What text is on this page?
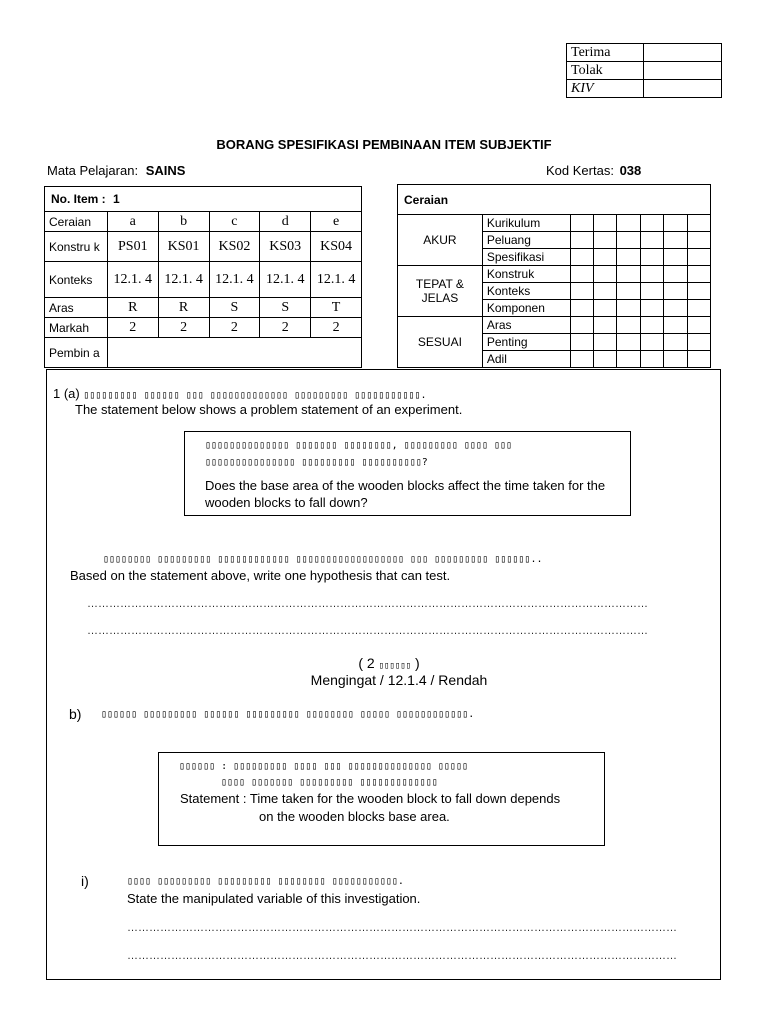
Terima	
Tolak	
KIV	
BORANG SPESIFIKASI PEMBINAAN ITEM SUBJEKTIF
Mata Pelajaran: SAINS	Kod Kertas: 038
No. Item : 1					
Ceraian	a	b	c	d	e
Konstru k	PS01	KS01	KS02	KS03	KS04
Konteks	12.1. 4	12.1. 4	12.1. 4	12.1. 4	12.1. 4
Aras	R	R	S	S	T
Markah	2	2	2	2	2
Pembin a					
Ceraian							
AKUR	Kurikulum						
	Peluang						
	Spesifikasi						
TEPAT & JELAS	Konstruk						
	Konteks						
	Komponen						
SESUAI	Aras						
	Penting						
	Adil						
1 (a) ▯▯▯▯▯▯▯▯▯ ▯▯▯▯▯▯ ▯▯▯ ▯▯▯▯▯▯▯▯▯▯▯▯▯ ▯▯▯▯▯▯▯▯▯ ▯▯▯▯▯▯▯▯▯▯▯.
The statement below shows a problem statement of an experiment.
▯▯▯▯▯▯▯▯▯▯▯▯▯▯ ▯▯▯▯▯▯▯ ▯▯▯▯▯▯▯▯, ▯▯▯▯▯▯▯▯▯ ▯▯▯▯ ▯▯▯
▯▯▯▯▯▯▯▯▯▯▯▯▯▯▯ ▯▯▯▯▯▯▯▯▯ ▯▯▯▯▯▯▯▯▯▯?
Does the base area of the wooden blocks affect the time taken for the wooden blocks to fall down?
▯▯▯▯▯▯▯▯ ▯▯▯▯▯▯▯▯▯ ▯▯▯▯▯▯▯▯▯▯▯▯ ▯▯▯▯▯▯▯▯▯▯▯▯▯▯▯▯▯▯ ▯▯▯ ▯▯▯▯▯▯▯▯▯ ▯▯▯▯▯▯..
Based on the statement above, write one hypothesis that can test.
………………………………………………………………………………………………………………………………………
………………………………………………………………………………………………………………………………………
( 2 ▯▯▯▯▯▯ )
Mengingat / 12.1.4 / Rendah
b) ▯▯▯▯▯▯ ▯▯▯▯▯▯▯▯▯ ▯▯▯▯▯▯ ▯▯▯▯▯▯▯▯▯ ▯▯▯▯▯▯▯▯ ▯▯▯▯▯ ▯▯▯▯▯▯▯▯▯▯▯▯.
▯▯▯▯▯▯ : ▯▯▯▯▯▯▯▯▯ ▯▯▯▯ ▯▯▯ ▯▯▯▯▯▯▯▯▯▯▯▯▯▯ ▯▯▯▯▯
▯▯▯▯ ▯▯▯▯▯▯▯ ▯▯▯▯▯▯▯▯▯ ▯▯▯▯▯▯▯▯▯▯▯▯▯
Statement : Time taken for the wooden block to fall down depends
on the wooden blocks base area.
i)	▯▯▯▯ ▯▯▯▯▯▯▯▯▯ ▯▯▯▯▯▯▯▯▯ ▯▯▯▯▯▯▯▯ ▯▯▯▯▯▯▯▯▯▯▯.
State the manipulated variable of this investigation.
……………………………………………………………………………………………………………………………………
……………………………………………………………………………………………………………………………………
